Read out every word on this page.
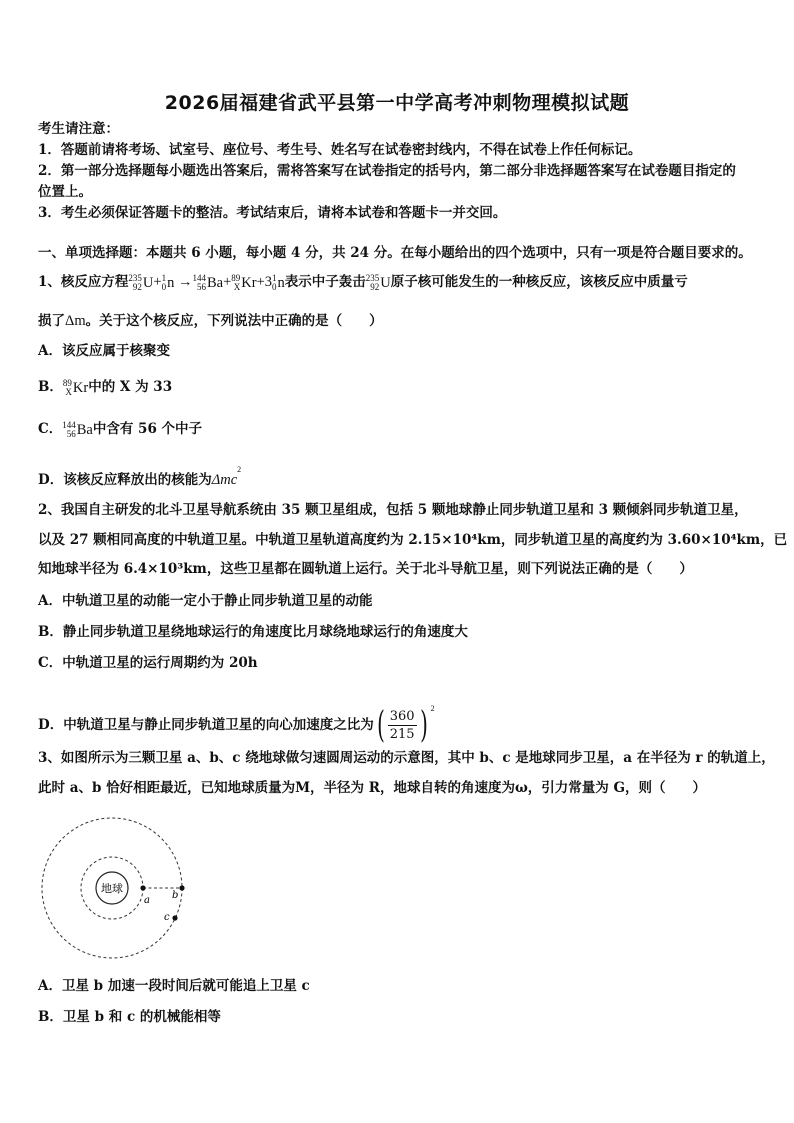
2026届福建省武平县第一中学高考冲刺物理模拟试题
考生请注意：
1．答题前请将考场、试室号、座位号、考生号、姓名写在试卷密封线内，不得在试卷上作任何标记。
2．第一部分选择题每小题选出答案后，需将答案写在试卷指定的括号内，第二部分非选择题答案写在试卷题目指定的
位置上。
3．考生必须保证答题卡的整洁。考试结束后，请将本试卷和答题卡一并交回。
一、单项选择题：本题共 6 小题，每小题 4 分，共 24 分。在每小题给出的四个选项中，只有一项是符合题目要求的。
1、核反应方程 235
92 U+ 1
0 n → 144
56 Ba+ 89
X Kr+3 1
0 n表示中子轰击 235
92 U原子核可能发生的一种核反应，该核反应中质量亏
损了Δm。关于这个核反应，下列说法中正确的是（　　）
A．该反应属于核聚变
B． 89
X Kr中的 X 为 33
C． 144
56 Ba中含有 56 个中子
D．该核反应释放出的核能为Δmc$^2$
2、我国自主研发的北斗卫星导航系统由 35 颗卫星组成，包括 5 颗地球静止同步轨道卫星和 3 颗倾斜同步轨道卫星，
以及 27 颗相同高度的中轨道卫星。中轨道卫星轨道高度约为 2.15×10⁴km，同步轨道卫星的高度约为 3.60×10⁴km，已
知地球半径为 6.4×10³km，这些卫星都在圆轨道上运行。关于北斗导航卫星，则下列说法正确的是（　　）
A．中轨道卫星的动能一定小于静止同步轨道卫星的动能
B．静止同步轨道卫星绕地球运行的角速度比月球绕地球运行的角速度大
C．中轨道卫星的运行周期约为 20h
D．中轨道卫星与静止同步轨道卫星的向心加速度之比为 ( $\frac{360}{215}$ ) $^2$
3、如图所示为三颗卫星 a、b、c 绕地球做匀速圆周运动的示意图，其中 b、c 是地球同步卫星，a 在半径为 r 的轨道上，
此时 a、b 恰好相距最近，已知地球质量为M，半径为 R，地球自转的角速度为ω，引力常量为 G，则（　　）
地球
a b
c
A．卫星 b 加速一段时间后就可能追上卫星 c
B．卫星 b 和 c 的机械能相等
